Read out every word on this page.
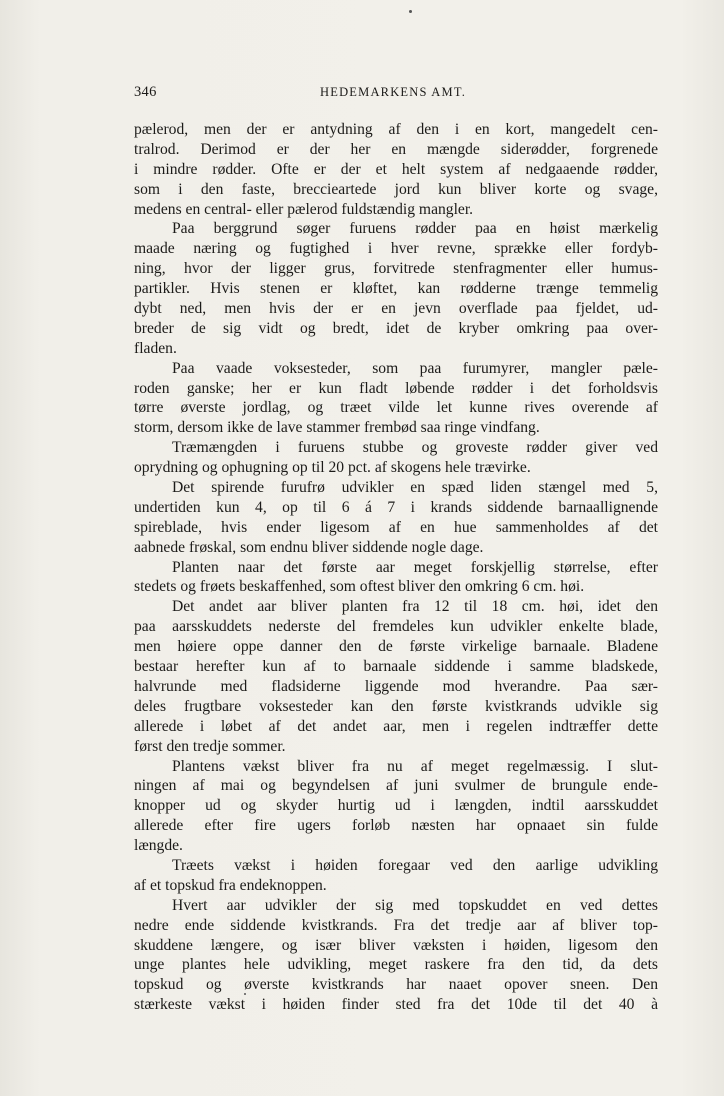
346	HEDEMARKENS AMT.
pælerod, men der er antydning af den i en kort, mangedelt cen-
tralrod. Derimod er der her en mængde siderødder, forgrenede
i mindre rødder. Ofte er der et helt system af nedgaaende rødder,
som i den faste, breccieartede jord kun bliver korte og svage,
medens en central- eller pælerod fuldstændig mangler.
Paa berggrund søger furuens rødder paa en høist mærkelig
maade næring og fugtighed i hver revne, sprække eller fordyb-
ning, hvor der ligger grus, forvitrede stenfragmenter eller humus-
partikler. Hvis stenen er kløftet, kan rødderne trænge temmelig
dybt ned, men hvis der er en jevn overflade paa fjeldet, ud-
breder de sig vidt og bredt, idet de kryber omkring paa over-
fladen.
Paa vaade voksesteder, som paa furumyrer, mangler pæle-
roden ganske; her er kun fladt løbende rødder i det forholdsvis
tørre øverste jordlag, og træet vilde let kunne rives overende af
storm, dersom ikke de lave stammer frembød saa ringe vindfang.
Træmængden i furuens stubbe og groveste rødder giver ved
oprydning og ophugning op til 20 pct. af skogens hele trævirke.
Det spirende furufrø udvikler en spæd liden stængel med 5,
undertiden kun 4, op til 6 á 7 i krands siddende barnaallignende
spireblade, hvis ender ligesom af en hue sammenholdes af det
aabnede frøskal, som endnu bliver siddende nogle dage.
Planten naar det første aar meget forskjellig størrelse, efter
stedets og frøets beskaffenhed, som oftest bliver den omkring 6 cm. høi.
Det andet aar bliver planten fra 12 til 18 cm. høi, idet den
paa aarsskuddets nederste del fremdeles kun udvikler enkelte blade,
men høiere oppe danner den de første virkelige barnaale. Bladene
bestaar herefter kun af to barnaale siddende i samme bladskede,
halvrunde med fladsiderne liggende mod hverandre. Paa sær-
deles frugtbare voksesteder kan den første kvistkrands udvikle sig
allerede i løbet af det andet aar, men i regelen indtræffer dette
først den tredje sommer.
Plantens vækst bliver fra nu af meget regelmæssig. I slut-
ningen af mai og begyndelsen af juni svulmer de brungule ende-
knopper ud og skyder hurtig ud i længden, indtil aarsskuddet
allerede efter fire ugers forløb næsten har opnaaet sin fulde
længde.
Træets vækst i høiden foregaar ved den aarlige udvikling
af et topskud fra endeknoppen.
Hvert aar udvikler der sig med topskuddet en ved dettes
nedre ende siddende kvistkrands. Fra det tredje aar af bliver top-
skuddene længere, og især bliver væksten i høiden, ligesom den
unge plantes hele udvikling, meget raskere fra den tid, da dets
topskud og øverste kvistkrands har naaet opover sneen. Den
stærkeste vækst i høiden finder sted fra det 10de til det 40 à
